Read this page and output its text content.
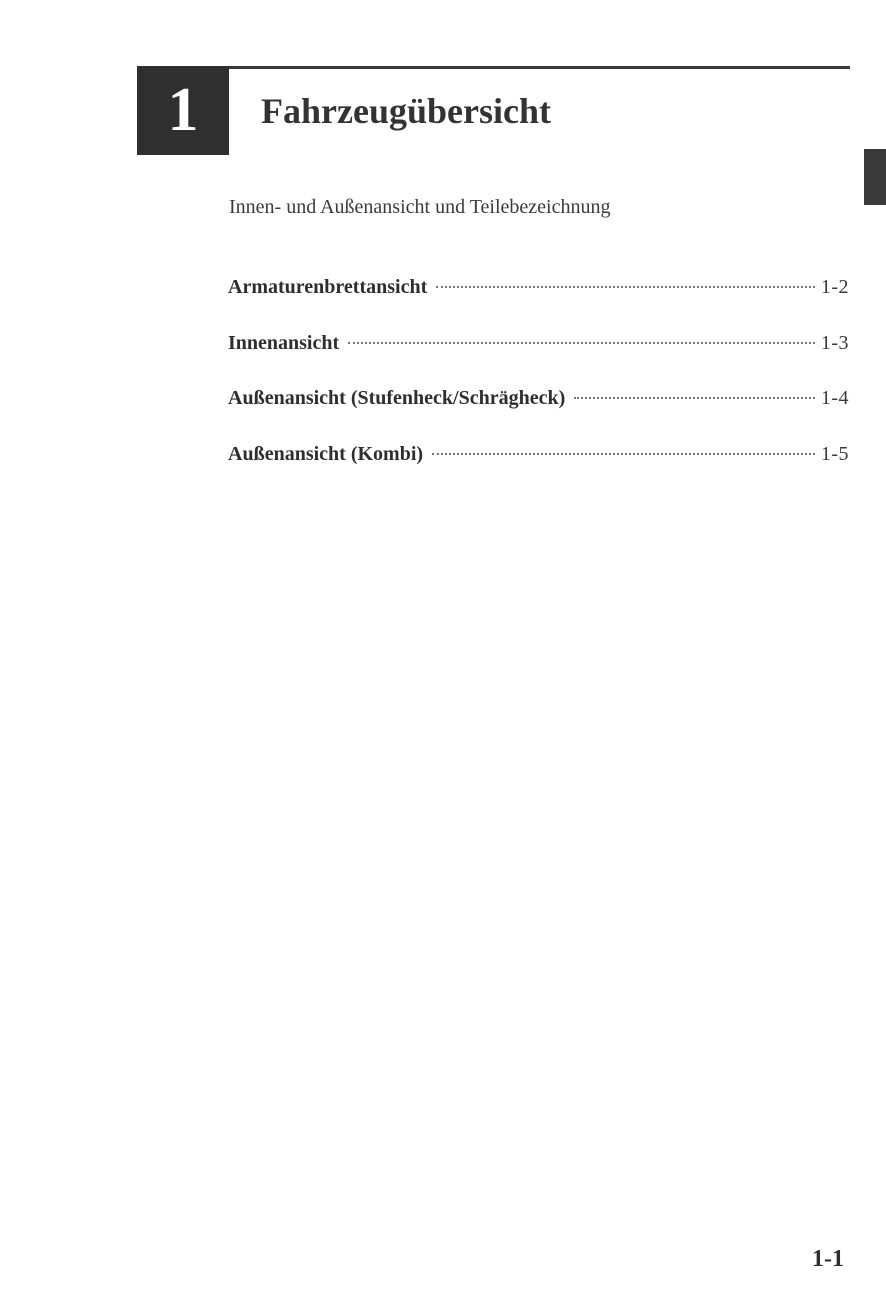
1 Fahrzeugübersicht
Innen- und Außenansicht und Teilebezeichnung
Armaturenbrettansicht	1-2
Innenansicht	1-3
Außenansicht (Stufenheck/Schrägheck)	1-4
Außenansicht (Kombi)	1-5
1-1
